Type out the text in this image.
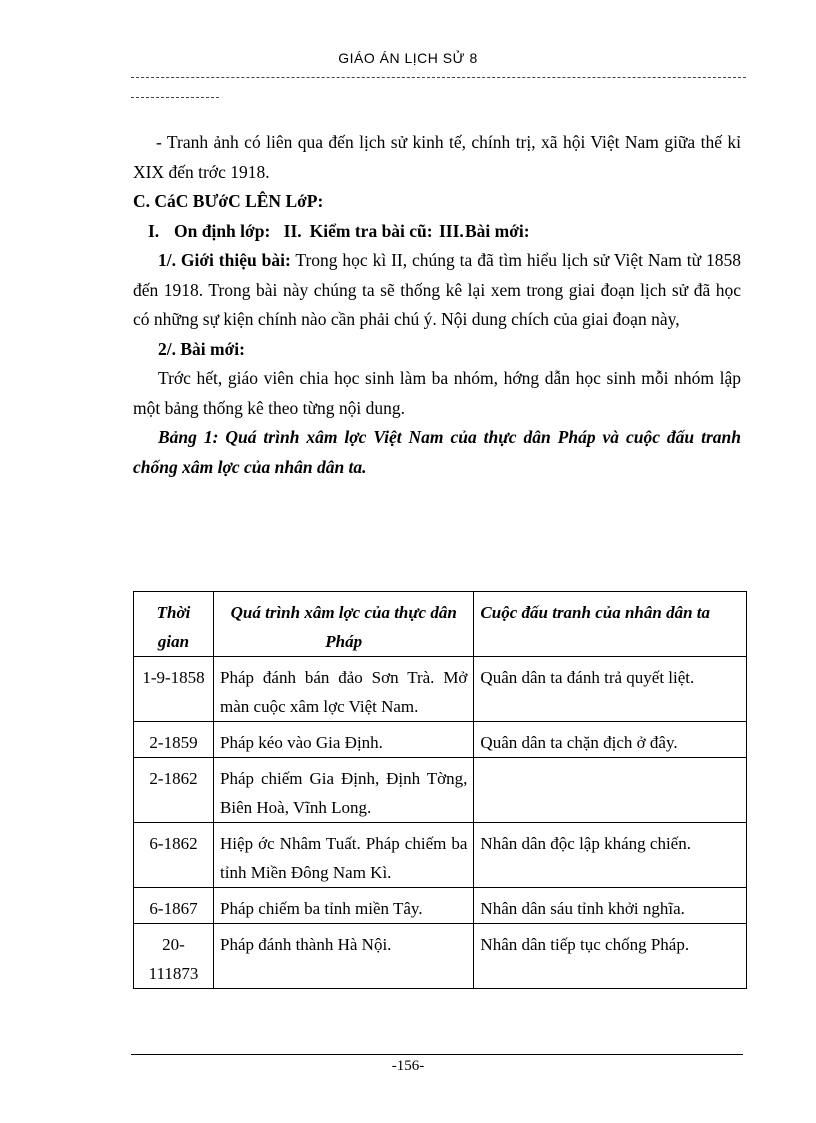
GIÁO ÁN LỊCH SỬ 8

- Tranh ảnh có liên qua đến lịch sử kinh tế, chính trị, xã hội Việt Nam giữa thế kỉ XIX đến trớc 1918.

C. CáC BƯớC LÊN LớP:

I. On định lớp:

II. Kiểm tra bài cũ:

III.Bài mới:

1/. Giới thiệu bài: Trong học kì II, chúng ta đã tìm hiểu lịch sử Việt Nam từ 1858 đến 1918. Trong bài này chúng ta sẽ thống kê lại xem trong giai đoạn lịch sử đã học có những sự kiện chính nào cần phải chú ý. Nội dung chích của giai đoạn này,

2/. Bài mới:

Trớc hết, giáo viên chia học sinh làm ba nhóm, hớng dẫn học sinh mỗi nhóm lập một bảng thống kê theo từng nội dung.

Bảng 1: Quá trình xâm lợc Việt Nam của thực dân Pháp và cuộc đấu tranh chống xâm lợc của nhân dân ta.

Thời gian	Quá trình xâm lợc của thực dân Pháp	Cuộc đấu tranh của nhân dân ta
1-9-1858	Pháp đánh bán đảo Sơn Trà. Mở màn cuộc xâm lợc Việt Nam.	Quân dân ta đánh trả quyết liệt.
2-1859	Pháp kéo vào Gia Định.	Quân dân ta chặn địch ở đây.
2-1862	Pháp chiếm Gia Định, Định Tờng, Biên Hoà, Vĩnh Long.	
6-1862	Hiệp ớc Nhâm Tuất. Pháp chiếm ba tỉnh Miền Đông Nam Kì.	Nhân dân độc lập kháng chiến.
6-1867	Pháp chiếm ba tỉnh miền Tây.	Nhân dân sáu tỉnh khởi nghĩa.
20-111873	Pháp đánh thành Hà Nội.	Nhân dân tiếp tục chống Pháp.
-156-
